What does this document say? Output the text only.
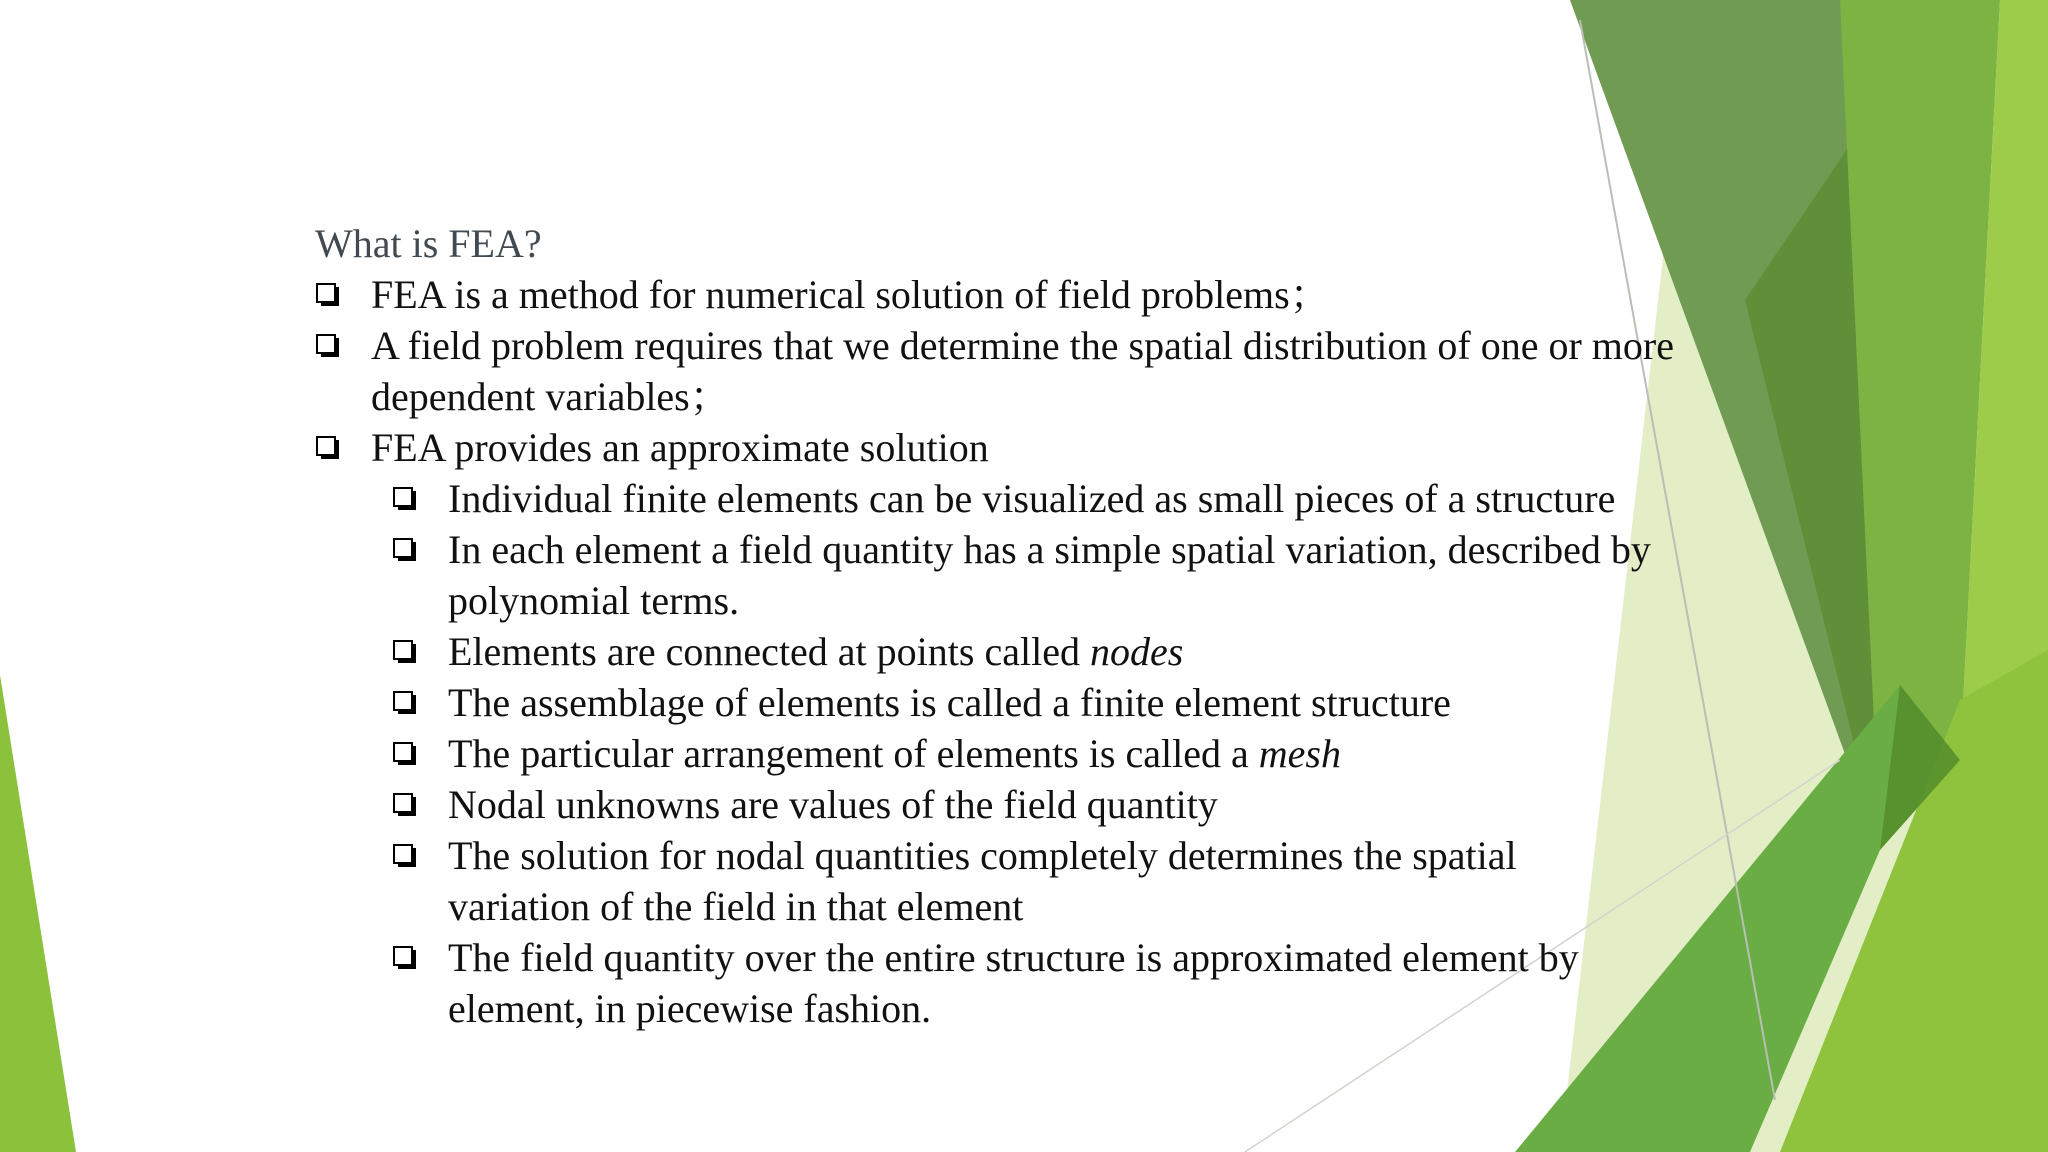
What is FEA?
FEA is a method for numerical solution of field problems；
A field problem requires that we determine the spatial distribution of one or more dependent variables；
FEA provides an approximate solution
Individual finite elements can be visualized as small pieces of a structure
In each element a field quantity has a simple spatial variation, described by polynomial terms.
Elements are connected at points called nodes
The assemblage of elements is called a finite element structure
The particular arrangement of elements is called a mesh
Nodal unknowns are values of the field quantity
The solution for nodal quantities completely determines the spatial variation of the field in that element
The field quantity over the entire structure is approximated element by element, in piecewise fashion.
